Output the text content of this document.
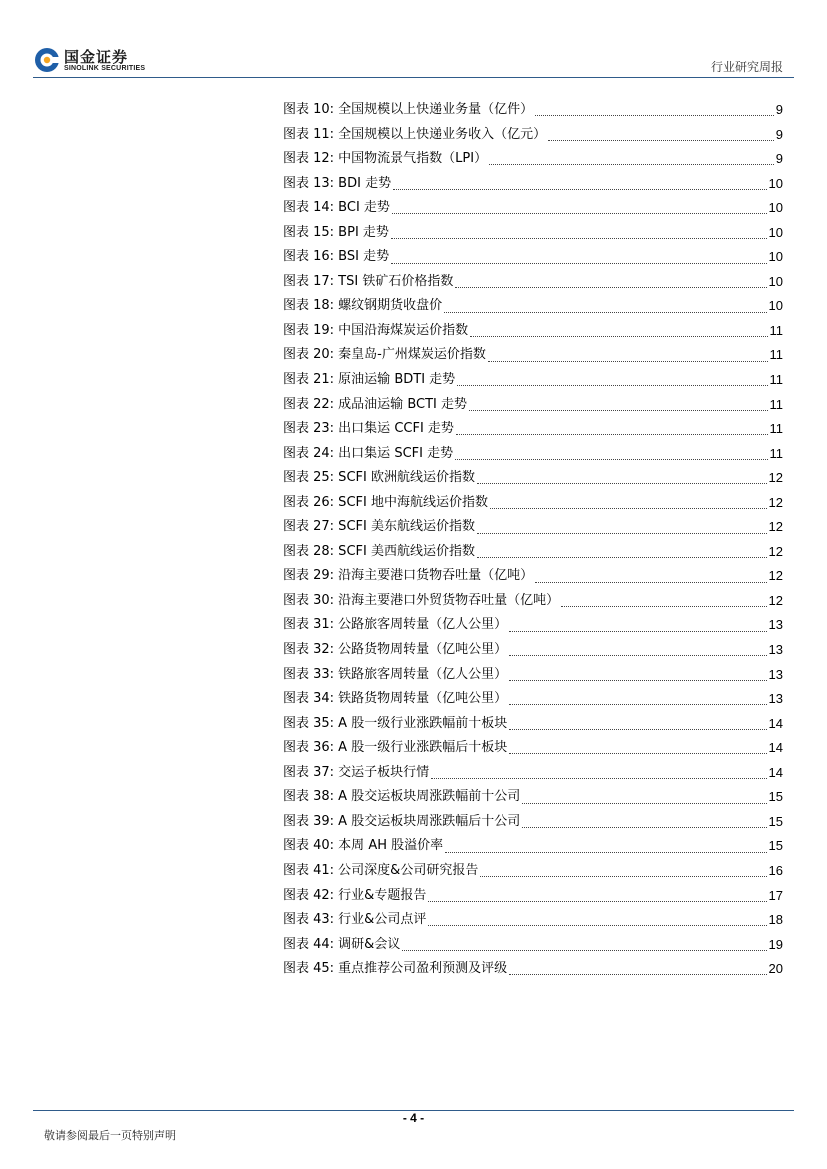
国金证券
SINOLINK SECURITIES	行业研究周报
图表 10: 全国规模以上快递业务量（亿件）	9
图表 11: 全国规模以上快递业务收入（亿元）	9
图表 12: 中国物流景气指数（LPI）	9
图表 13: BDI 走势	10
图表 14: BCI 走势	10
图表 15: BPI 走势	10
图表 16: BSI 走势	10
图表 17: TSI 铁矿石价格指数	10
图表 18: 螺纹钢期货收盘价	10
图表 19: 中国沿海煤炭运价指数	11
图表 20: 秦皇岛-广州煤炭运价指数	11
图表 21: 原油运输 BDTI 走势	11
图表 22: 成品油运输 BCTI 走势	11
图表 23: 出口集运 CCFI 走势	11
图表 24: 出口集运 SCFI 走势	11
图表 25: SCFI 欧洲航线运价指数	12
图表 26: SCFI 地中海航线运价指数	12
图表 27: SCFI 美东航线运价指数	12
图表 28: SCFI 美西航线运价指数	12
图表 29: 沿海主要港口货物吞吐量（亿吨）	12
图表 30: 沿海主要港口外贸货物吞吐量（亿吨）	12
图表 31: 公路旅客周转量（亿人公里）	13
图表 32: 公路货物周转量（亿吨公里）	13
图表 33: 铁路旅客周转量（亿人公里）	13
图表 34: 铁路货物周转量（亿吨公里）	13
图表 35: A 股一级行业涨跌幅前十板块	14
图表 36: A 股一级行业涨跌幅后十板块	14
图表 37: 交运子板块行情	14
图表 38: A 股交运板块周涨跌幅前十公司	15
图表 39: A 股交运板块周涨跌幅后十公司	15
图表 40: 本周 AH 股溢价率	15
图表 41: 公司深度&公司研究报告	16
图表 42: 行业&专题报告	17
图表 43: 行业&公司点评	18
图表 44: 调研&会议	19
图表 45: 重点推荐公司盈利预测及评级	20
- 4 -
敬请参阅最后一页特别声明
